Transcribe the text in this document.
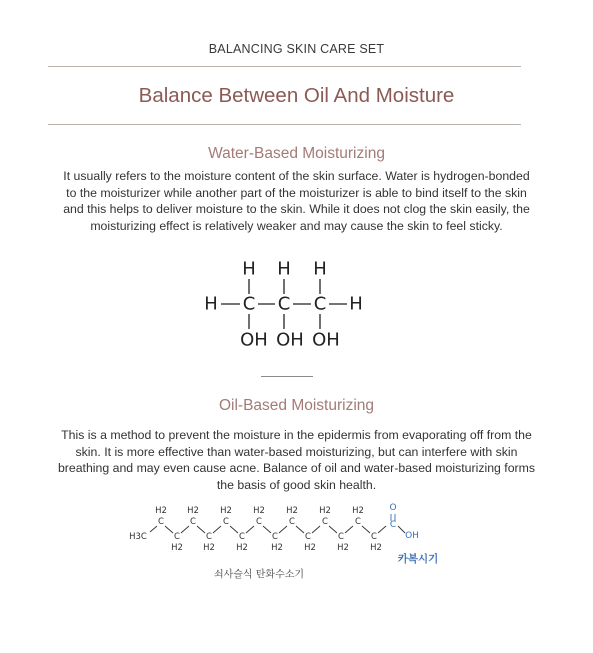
BALANCING SKIN CARE SET
Balance Between Oil And Moisture
Water-Based Moisturizing

It usually refers to the moisture content of the skin surface. Water is hydrogen-bonded to the moisturizer while another part of the moisturizer is able to bind itself to the skin and this helps to deliver moisture to the skin. While it does not clog the skin easily, the moisturizing effect is relatively weaker and may cause the skin to feel sticky.

H H H
H C C C H
OH OH OH
Oil-Based Moisturizing

This is a method to prevent the moisture in the epidermis from evaporating off from the skin. It is more effective than water-based moisturizing, but can interfere with skin breathing and may even cause acne. Balance of oil and water-based moisturizing forms the basis of good skin health.

H3C
H2 H2 H2 H2 H2 H2 H2
C	C	C	C	C	C	C
C	C	C	C	C	C	C
H2 H2 H2	H2 H2 H2 H2
O
C
OH
카복시기
쇠사슬식 탄화수소기
